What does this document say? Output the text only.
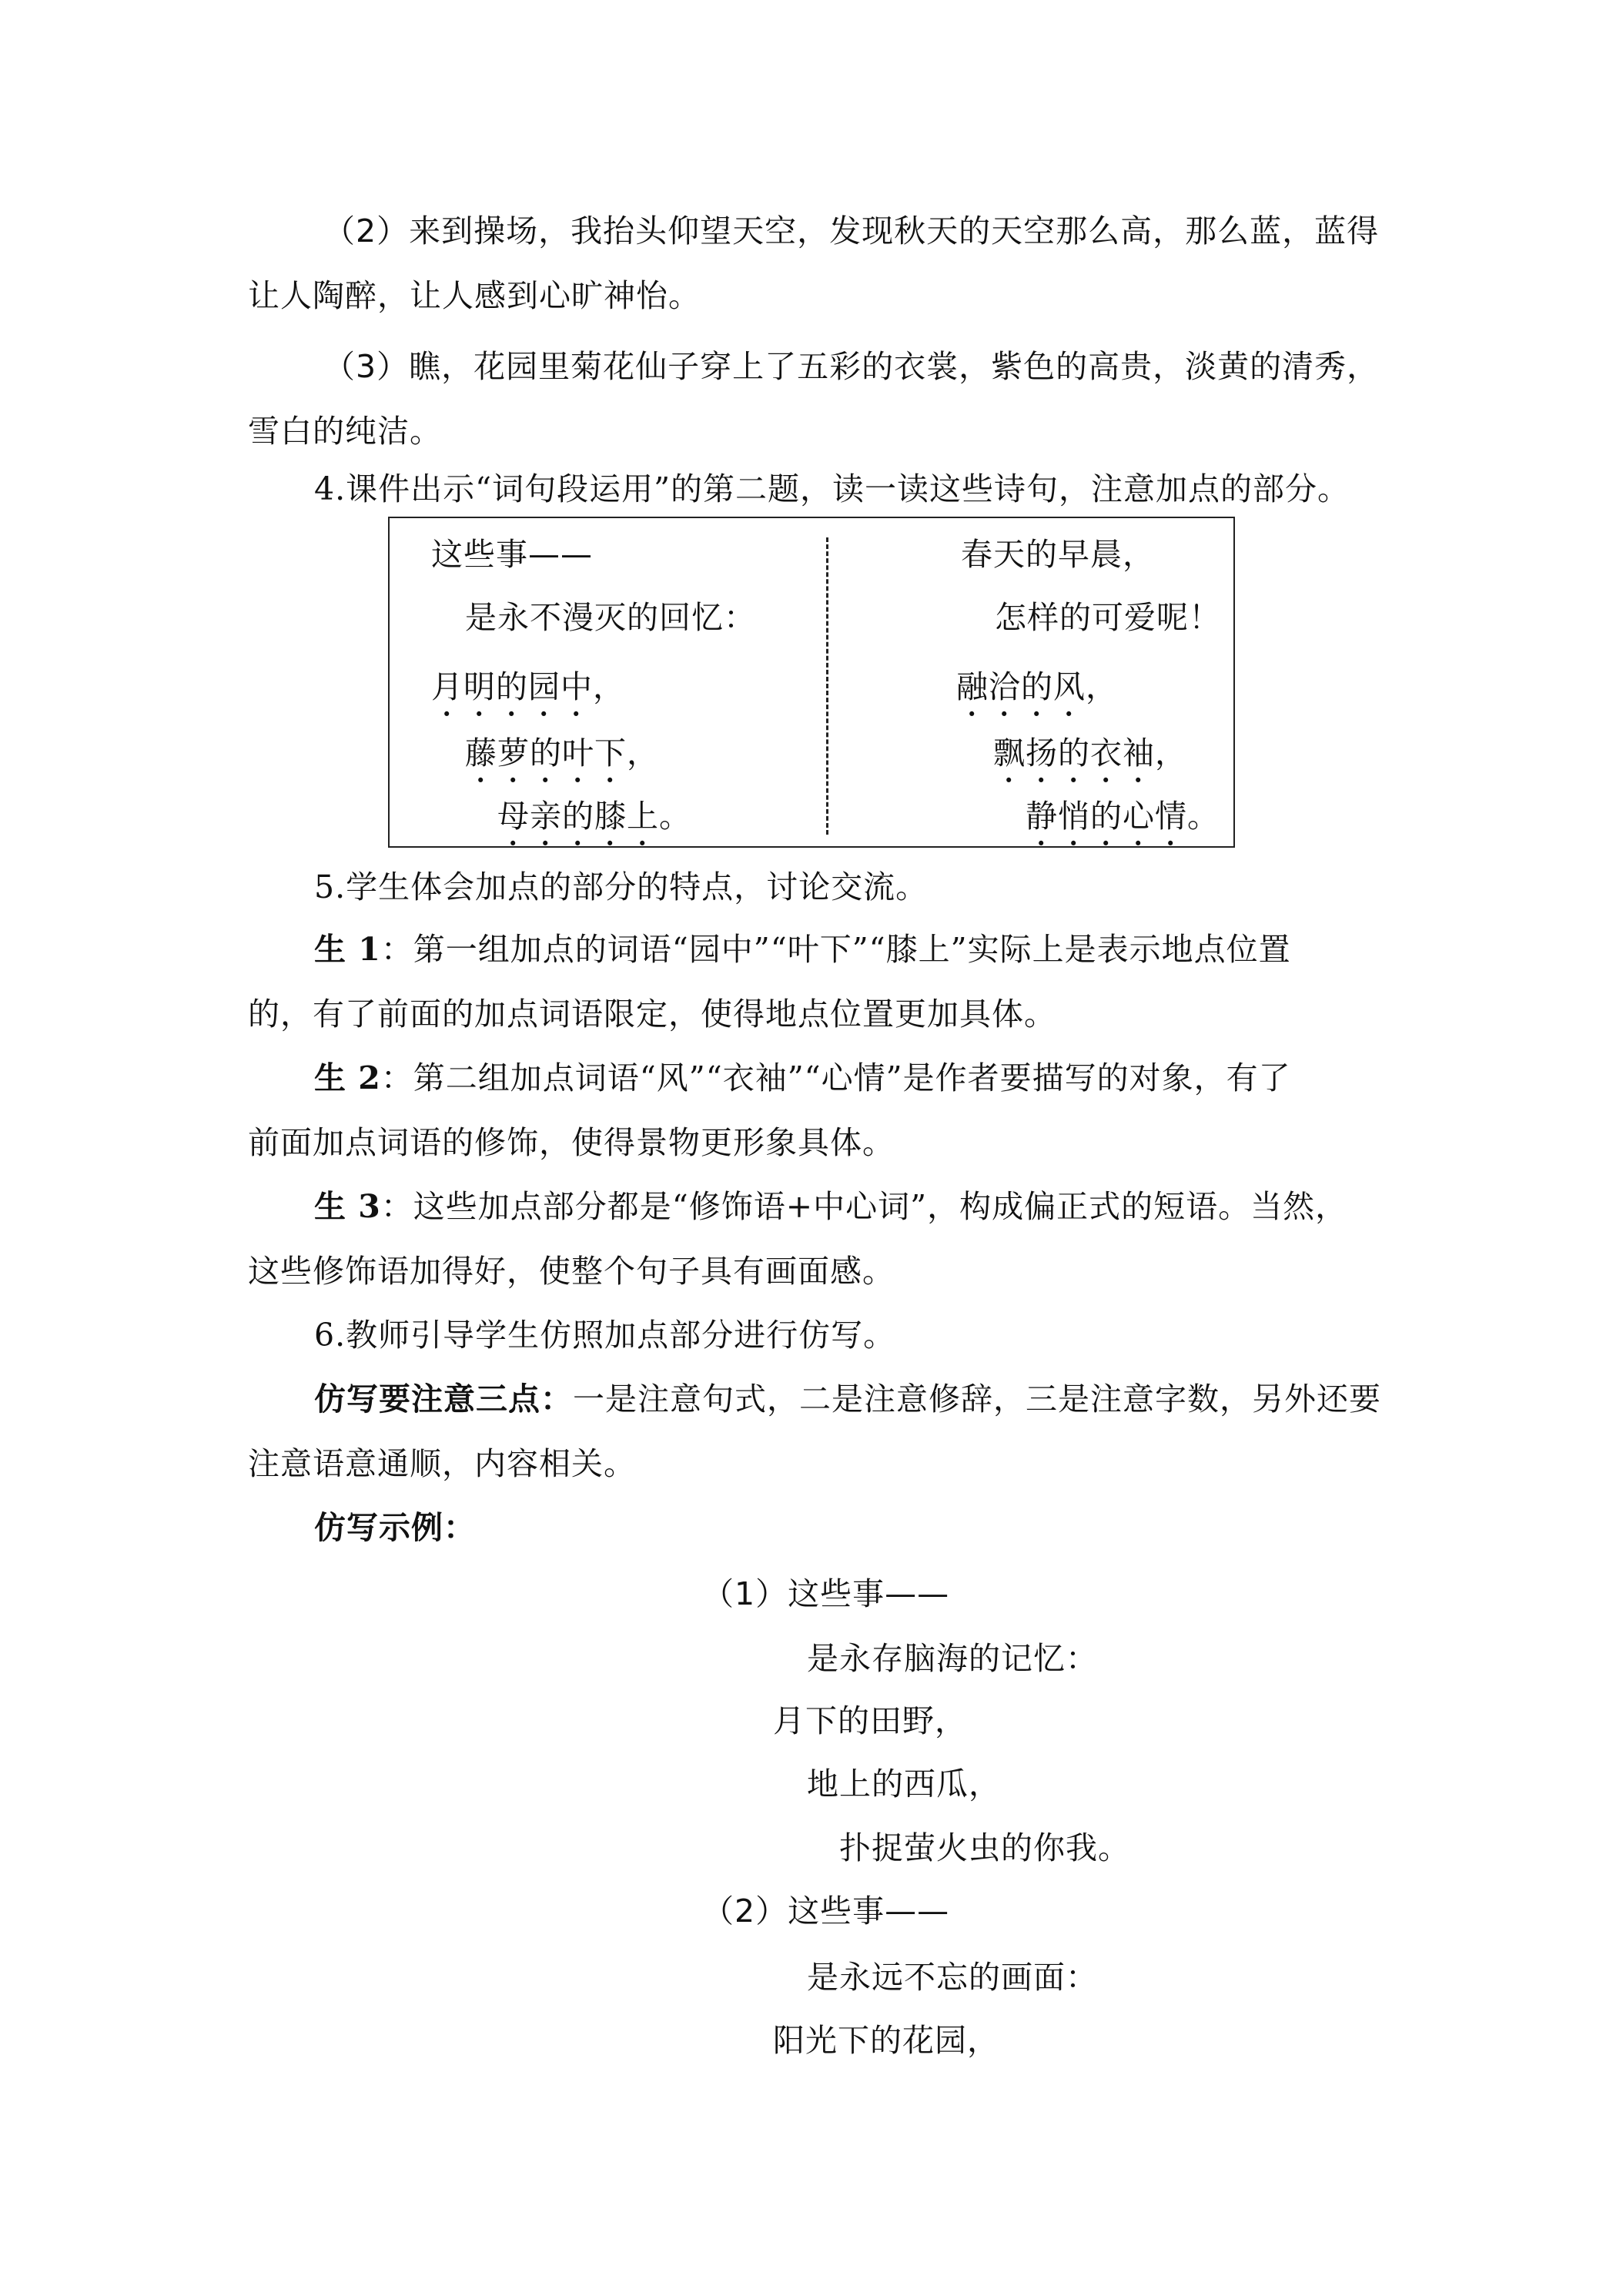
（2）来到操场，我抬头仰望天空，发现秋天的天空那么高，那么蓝，蓝得
让人陶醉，让人感到心旷神怡。
（3）瞧，花园里菊花仙子穿上了五彩的衣裳，紫色的高贵，淡黄的清秀，
雪白的纯洁。
4.课件出示“词句段运用”的第二题，读一读这些诗句，注意加点的部分。
这些事——
是永不漫灭的回忆：
月明的园中，
藤萝的叶下，
母亲的膝上。
春天的早晨，
怎样的可爱呢！
融洽的风，
飘扬的衣袖，
静悄的心情。
5.学生体会加点的部分的特点，讨论交流。
生 1：第一组加点的词语“园中”“叶下”“膝上”实际上是表示地点位置
的，有了前面的加点词语限定，使得地点位置更加具体。
生 2：第二组加点词语“风”“衣袖”“心情”是作者要描写的对象，有了
前面加点词语的修饰，使得景物更形象具体。
生 3：这些加点部分都是“修饰语+中心词”，构成偏正式的短语。当然，
这些修饰语加得好，使整个句子具有画面感。
6.教师引导学生仿照加点部分进行仿写。
仿写要注意三点：一是注意句式，二是注意修辞，三是注意字数，另外还要
注意语意通顺，内容相关。
仿写示例：
（1）这些事——
是永存脑海的记忆：
月下的田野，
地上的西瓜，
扑捉萤火虫的你我。
（2）这些事——
是永远不忘的画面：
阳光下的花园，
